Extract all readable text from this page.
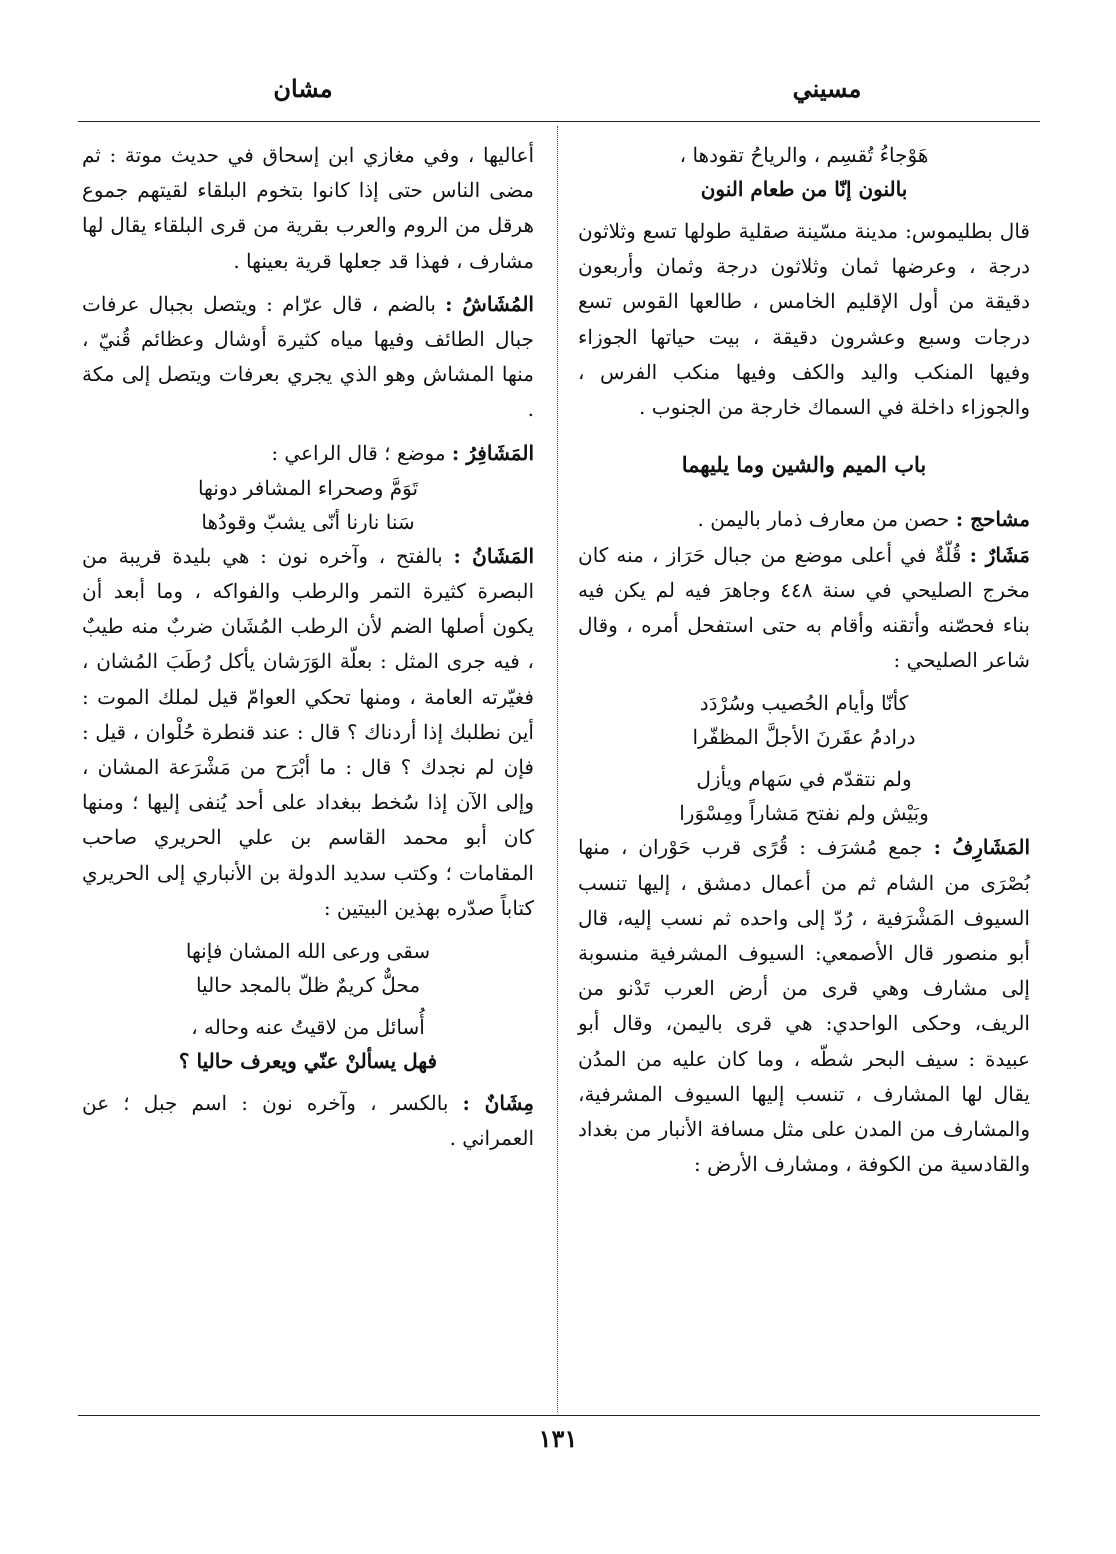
مسيني
مشان
هَوْجاءُ تُقسِم ، والرياحُ تقودها ،
بالنون إنّا من طعام النون

قال بطليموس: مدينة مسّينة صقلية طولها تسع وثلاثون درجة ، وعرضها ثمان وثلاثون درجة وثمان وأربعون دقيقة من أول الإقليم الخامس ، طالعها القوس تسع درجات وسبع وعشرون دقيقة ، بيت حياتها الجوزاء وفيها المنكب واليد والكف وفيها منكب الفرس ، والجوزاء داخلة في السماك خارجة من الجنوب .

باب الميم والشين وما يليهما

مشاحج : حصن من معارف ذمار باليمن .

مَشَارٌ : قُلّةٌ في أعلى موضع من جبال حَرَاز ، منه كان مخرج الصليحي في سنة ٤٤٨ وجاهرَ فيه لم يكن فيه بناء فحصّنه وأتقنه وأقام به حتى استفحل أمره ، وقال شاعر الصليحي :

كأنّا وأيام الحُصيب وسُرْدَد
درادمُ عقَرنَ الأجلَّ المظفّرا
ولم نتقدّم في سَهام ويأزل
وبَيْش ولم نفتح مَشاراً ومِسْوَرا

المَشَارِفُ : جمع مُشرَف : قُرًى قرب حَوْران ، منها بُصْرَى من الشام ثم من أعمال دمشق ، إليها تنسب السيوف المَشْرَفية ، رُدّ إلى واحده ثم نسب إليه، قال أبو منصور قال الأصمعي: السيوف المشرفية منسوبة إلى مشارف وهي قرى من أرض العرب تَدْنو من الريف، وحكى الواحدي: هي قرى باليمن، وقال أبو عبيدة : سيف البحر شطّه ، وما كان عليه من المدُن يقال لها المشارف ، تنسب إليها السيوف المشرفية، والمشارف من المدن على مثل مسافة الأنبار من بغداد والقادسية من الكوفة ، ومشارف الأرض :

أعاليها ، وفي مغازي ابن إسحاق في حديث موتة : ثم مضى الناس حتى إذا كانوا بتخوم البلقاء لقيتهم جموع هرقل من الروم والعرب بقرية من قرى البلقاء يقال لها مشارف ، فهذا قد جعلها قرية بعينها .

المُشَاشُ : بالضم ، قال عرّام : ويتصل بجبال عرفات جبال الطائف وفيها مياه كثيرة أوشال وعظائم قُنيّ ، منها المشاش وهو الذي يجري بعرفات ويتصل إلى مكة .

المَشَافِرُ : موضع ؛ قال الراعي :

تَوَمَّ وصحراء المشافر دونها
سَنا نارنا أنّى يشبّ وقودُها

المَشَانُ : بالفتح ، وآخره نون : هي بليدة قريبة من البصرة كثيرة التمر والرطب والفواكه ، وما أبعد أن يكون أصلها الضم لأن الرطب المُشَان ضربٌ منه طيبٌ ، فيه جرى المثل : بعلّة الوَرَشان يأكل رُطَبَ المُشان ، فغيّرته العامة ، ومنها تحكي العوامّ قيل لملك الموت : أين نطلبك إذا أردناك ؟ قال : عند قنطرة حُلْوان ، قيل : فإن لم نجدك ؟ قال : ما أبْرَح من مَشْرَعة المشان ، وإلى الآن إذا سُخط ببغداد على أحد يُنفى إليها ؛ ومنها كان أبو محمد القاسم بن علي الحريري صاحب المقامات ؛ وكتب سديد الدولة بن الأنباري إلى الحريري كتاباً صدّره بهذين البيتين :

سقى ورعى الله المشان فإنها
محلٌّ كريمٌ ظلّ بالمجد حاليا
أُسائل من لاقيتُ عنه وحاله ،
فهل يسألنْ عنّي ويعرف حاليا ؟

مِشَانٌ : بالكسر ، وآخره نون : اسم جبل ؛ عن العمراني .

١٣١
